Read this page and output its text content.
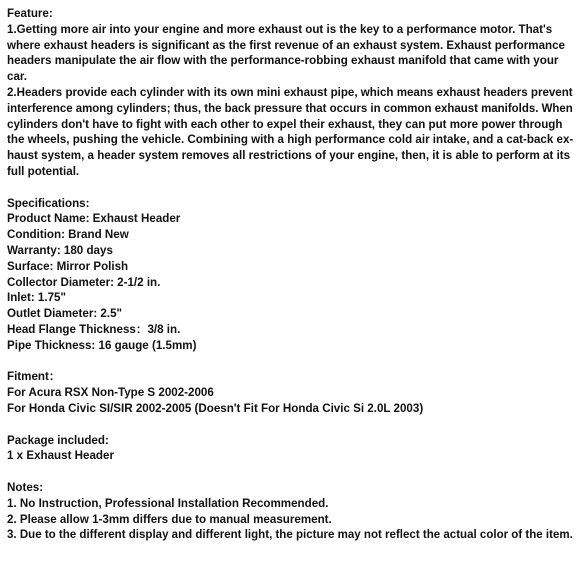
Feature:
1.Getting more air into your engine and more exhaust out is the key to a performance motor. That's
where exhaust headers is significant as the first revenue of an exhaust system. Exhaust performance
headers manipulate the air flow with the performance-robbing exhaust manifold that came with your
car.
2.Headers provide each cylinder with its own mini exhaust pipe, which means exhaust headers prevent interference among cylinders; thus, the back pressure that occurs in common exhaust manifolds. When
cylinders don't have to fight with each other to expel their exhaust, they can put more power through
the wheels, pushing the vehicle. Combining with a high performance cold air intake, and a cat-back ex-
haust system, a header system removes all restrictions of your engine, then, it is able to perform at its
full potential.
Specifications:
Product Name: Exhaust Header
Condition: Brand New
Warranty: 180 days
Surface: Mirror Polish
Collector Diameter: 2-1/2 in.
Inlet: 1.75"
Outlet Diameter: 2.5"
Head Flange Thickness：3/8 in.
Pipe Thickness: 16 gauge (1.5mm)
Fitment：
For Acura RSX Non-Type S 2002-2006
For Honda Civic SI/SIR 2002-2005 (Doesn't Fit For Honda Civic Si 2.0L 2003)
Package included:
1 x Exhaust Header
Notes:
1. No Instruction, Professional Installation Recommended.
2. Please allow 1-3mm differs due to manual measurement.
3. Due to the different display and different light, the picture may not reflect the actual color of the item.
